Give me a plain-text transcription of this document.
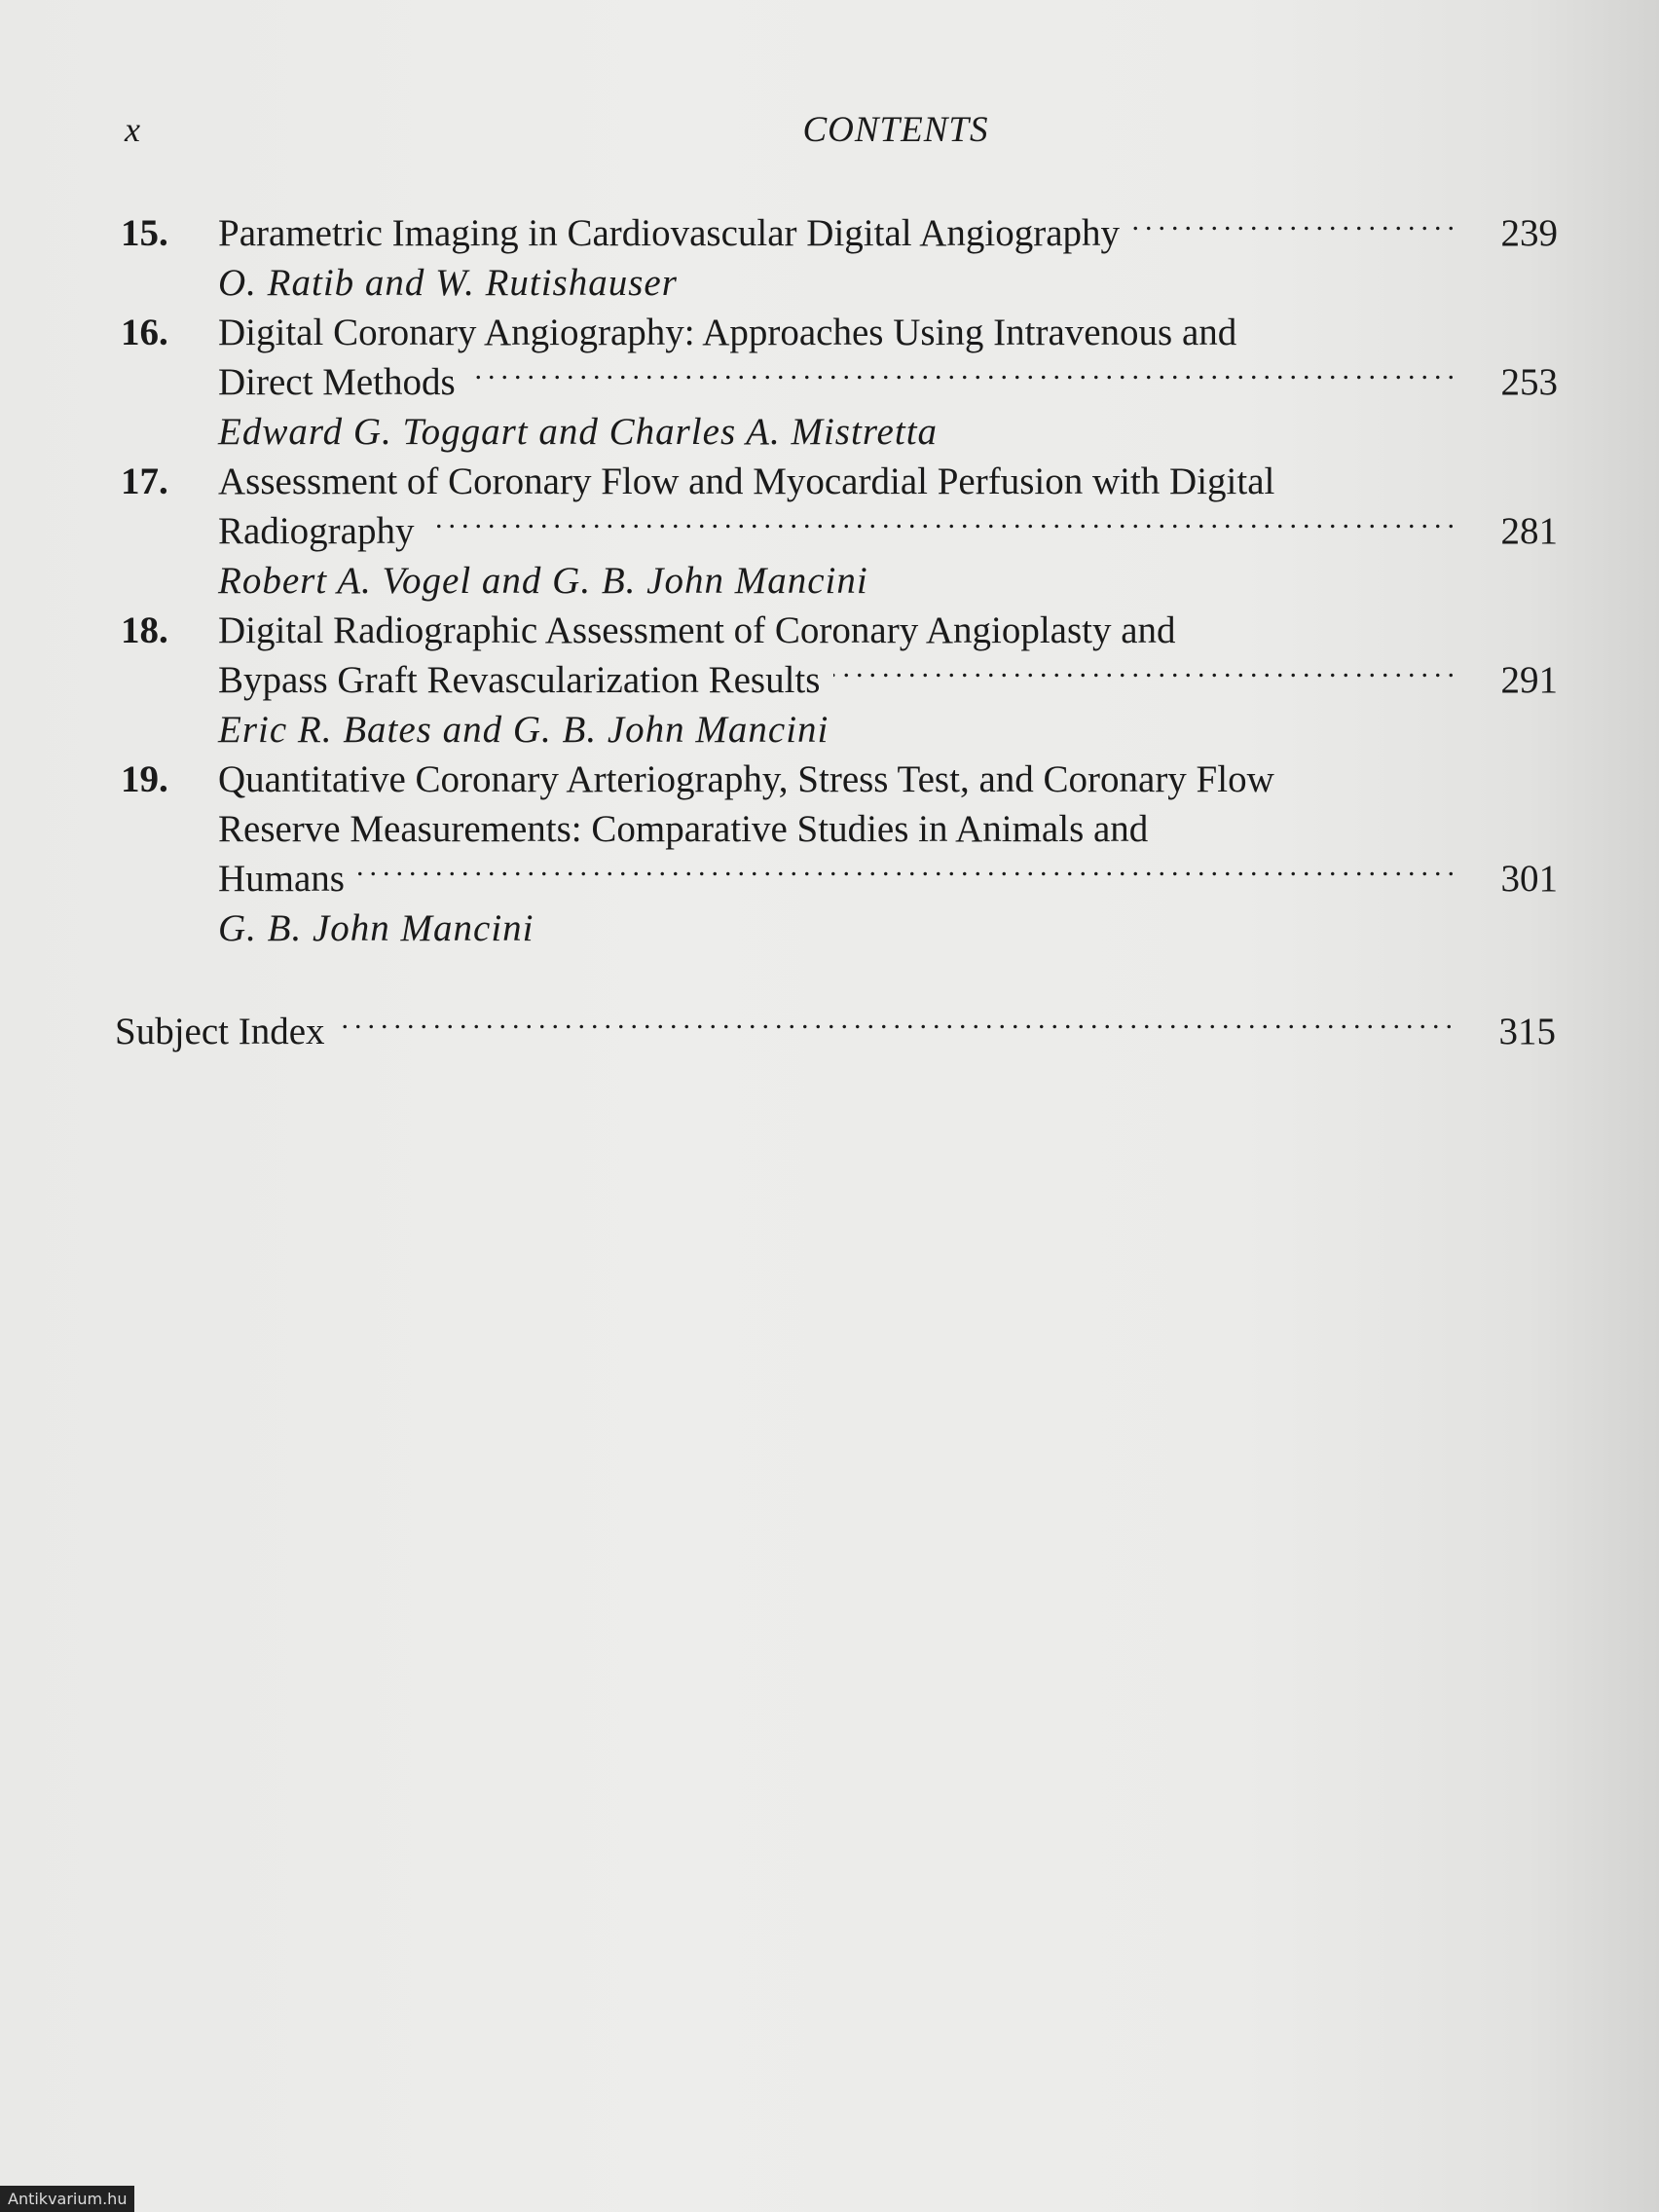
x	CONTENTS
15. Parametric Imaging in Cardiovascular Digital Angiography .....	239
O. Ratib and W. Rutishauser
16. Digital Coronary Angiography: Approaches Using Intravenous and
Direct Methods .....	253
Edward G. Toggart and Charles A. Mistretta
17. Assessment of Coronary Flow and Myocardial Perfusion with Digital
Radiography .....	281
Robert A. Vogel and G. B. John Mancini
18. Digital Radiographic Assessment of Coronary Angioplasty and
Bypass Graft Revascularization Results .....	291
Eric R. Bates and G. B. John Mancini
19. Quantitative Coronary Arteriography, Stress Test, and Coronary Flow
Reserve Measurements: Comparative Studies in Animals and
Humans .....	301
G. B. John Mancini
Subject Index .....	315
Antikvarium.hu
